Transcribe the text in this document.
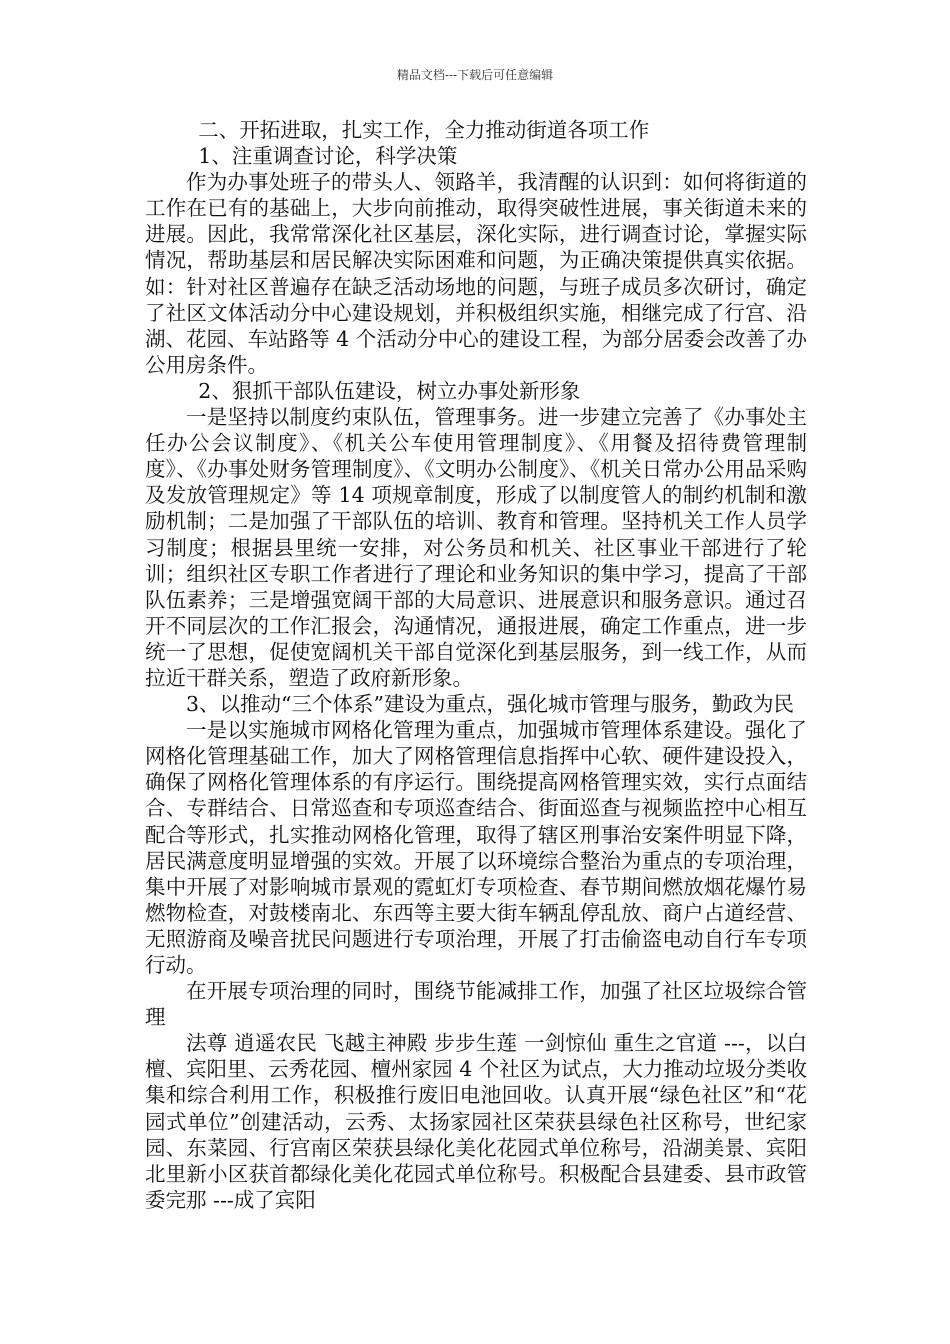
精品文档---下载后可任意编辑
二、开拓进取，扎实工作，全力推动街道各项工作
1、注重调查讨论，科学决策
作为办事处班子的带头人、领路羊，我清醒的认识到：如何将街道的工作在已有的基础上，大步向前推动，取得突破性进展，事关街道未来的进展。因此，我常常深化社区基层，深化实际，进行调查讨论，掌握实际情况，帮助基层和居民解决实际困难和问题，为正确决策提供真实依据。如：针对社区普遍存在缺乏活动场地的问题，与班子成员多次研讨，确定了社区文体活动分中心建设规划，并积极组织实施，相继完成了行宫、沿湖、花园、车站路等 4 个活动分中心的建设工程，为部分居委会改善了办公用房条件。
2、狠抓干部队伍建设，树立办事处新形象
一是坚持以制度约束队伍，管理事务。进一步建立完善了《办事处主任办公会议制度》、《机关公车使用管理制度》、《用餐及招待费管理制度》、《办事处财务管理制度》、《文明办公制度》、《机关日常办公用品采购及发放管理规定》等 14 项规章制度，形成了以制度管人的制约机制和激励机制；二是加强了干部队伍的培训、教育和管理。坚持机关工作人员学习制度；根据县里统一安排，对公务员和机关、社区事业干部进行了轮训；组织社区专职工作者进行了理论和业务知识的集中学习，提高了干部队伍素养；三是增强宽阔干部的大局意识、进展意识和服务意识。通过召开不同层次的工作汇报会，沟通情况，通报进展，确定工作重点，进一步统一了思想，促使宽阔机关干部自觉深化到基层服务，到一线工作，从而拉近干群关系，塑造了政府新形象。
3、以推动“三个体系”建设为重点，强化城市管理与服务，勤政为民
一是以实施城市网格化管理为重点，加强城市管理体系建设。强化了网格化管理基础工作，加大了网格管理信息指挥中心软、硬件建设投入，确保了网格化管理体系的有序运行。围绕提高网格管理实效，实行点面结合、专群结合、日常巡查和专项巡查结合、街面巡查与视频监控中心相互配合等形式，扎实推动网格化管理，取得了辖区刑事治安案件明显下降，居民满意度明显增强的实效。开展了以环境综合整治为重点的专项治理，集中开展了对影响城市景观的霓虹灯专项检查、春节期间燃放烟花爆竹易燃物检查，对鼓楼南北、东西等主要大街车辆乱停乱放、商户占道经营、无照游商及噪音扰民问题进行专项治理，开展了打击偷盗电动自行车专项行动。
在开展专项治理的同时，围绕节能减排工作，加强了社区垃圾综合管理
法尊 逍遥农民 飞越主神殿 步步生莲 一剑惊仙 重生之官道 ---，以白檀、宾阳里、云秀花园、檀州家园 4 个社区为试点，大力推动垃圾分类收集和综合利用工作，积极推行废旧电池回收。认真开展“绿色社区”和“花园式单位”创建活动，云秀、太扬家园社区荣获县绿色社区称号，世纪家园、东菜园、行宫南区荣获县绿化美化花园式单位称号，沿湖美景、宾阳北里新小区获首都绿化美化花园式单位称号。积极配合县建委、县市政管委完那 ---成了宾阳
